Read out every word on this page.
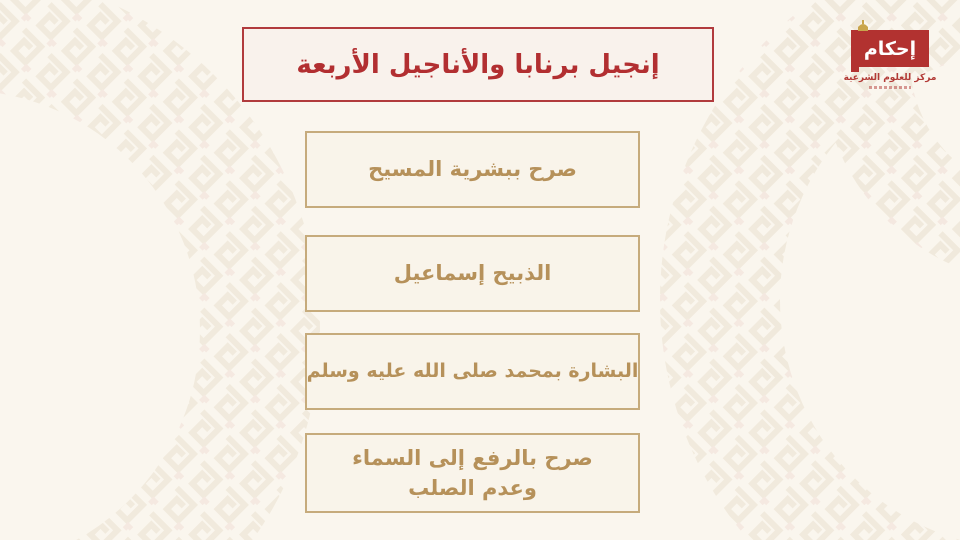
إنجيل برنابا والأناجيل الأربعة
صرح ببشرية المسيح
الذبيح إسماعيل
البشارة بمحمد صلى الله عليه وسلم
صرح بالرفع إلى السماء وعدم الصلب
إحكام
مركز للعلوم الشرعية
